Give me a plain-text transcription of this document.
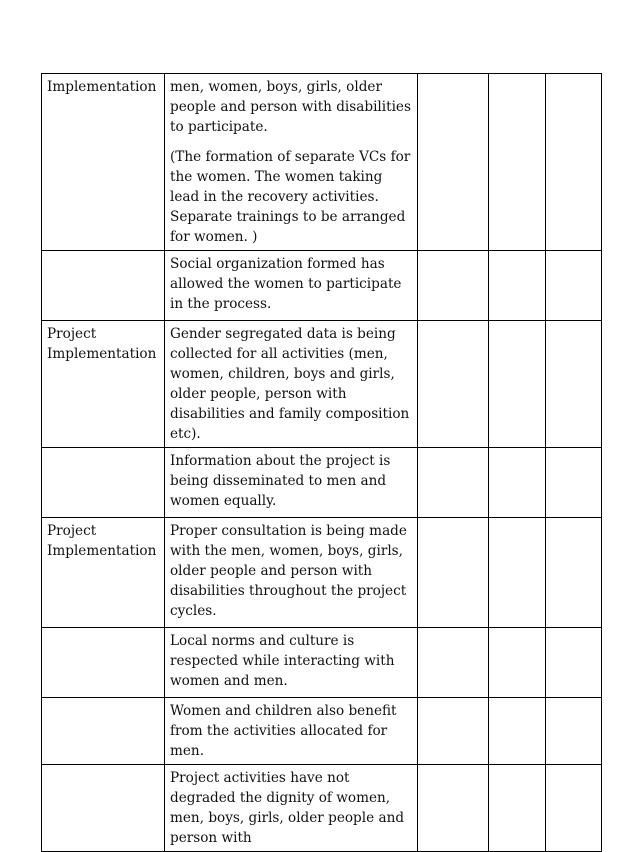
Implementation	men, women, boys, girls, older people and person with disabilities to participate.

(The formation of separate VCs for the women. The women taking lead in the recovery activities. Separate trainings to be arranged for women. )			

	Social organization formed has allowed the women to participate in the process.			

Project Implementation	Gender segregated data is being collected for all activities (men, women, children, boys and girls, older people, person with disabilities and family composition etc).			

	Information about the project is being disseminated to men and women equally.			

Project Implementation	Proper consultation is being made with the men, women, boys, girls, older people and person with disabilities throughout the project cycles.			

	Local norms and culture is respected while interacting with women and men.			

	Women and children also benefit from the activities allocated for men.			

	Project activities have not degraded the dignity of women, men, boys, girls, older people and person with			
